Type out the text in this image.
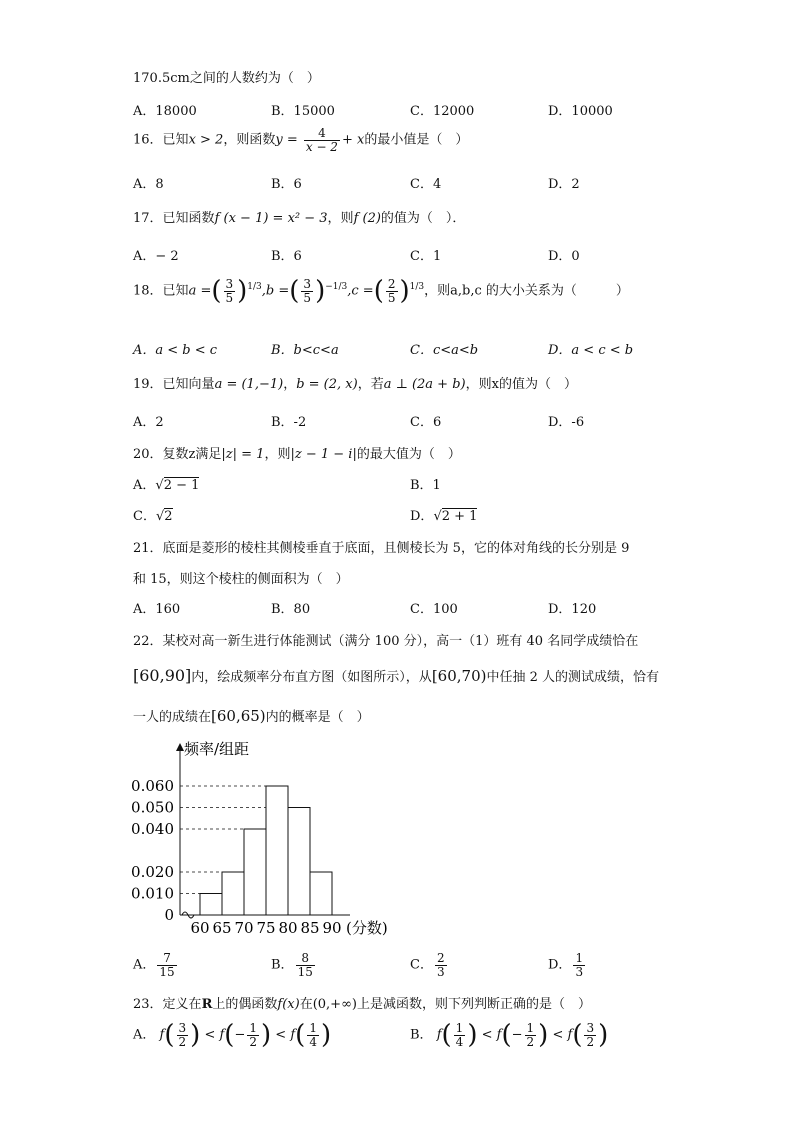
170.5cm之间的人数约为（　）
A．18000	B．15000	C．12000	D．10000
16．已知x > 2，则函数$y = \frac{4}{x - 2} + x$的最小值是（　）
A．8	B．6	C．4	D．2
17．已知函数f (x − 1) = x² − 3，则f (2)的值为（　）．
A．− 2	B．6	C．1	D．0
18．已知a =( $\frac{3}{5} )^{1/3},b$ =( $\frac{3}{5} )^{-1/3},c$ =( $\frac{2}{5} )^{1/3}$，则a,b,c 的大小关系为（　　　）
A．a < b < c	B．b<c<a	C．c<a<b	D．a < c < b
19．已知向量a = (1,−1)，b = (2, x)，若a ⊥ (2a + b)，则x的值为（　）
A．2	B．-2	C．6	D．-6
20．复数z满足|z| = 1，则|z − 1 − i|的最大值为（　）
A．√2 − 1	B．1
C．√2	D．√2 + 1
21．底面是菱形的棱柱其侧棱垂直于底面，且侧棱长为 5，它的体对角线的长分别是 9
和 15，则这个棱柱的侧面积为（　）
A．160	B．80	C．100	D．120
22．某校对高一新生进行体能测试（满分 100 分），高一（1）班有 40 名同学成绩恰在
[60,90]内，绘成频率分布直方图（如图所示），从[60,70)中任抽 2 人的测试成绩，恰有
一人的成绩在[60,65)内的概率是（　）
0
0.010
0.020
0.040
0.050
0.060
60 65 70 75 80 85 90
频率/组距
(分数)
A． $\frac{7}{15}$	B． $\frac{8}{15}$	C． $\frac{2}{3}$	D． $\frac{1}{3}$
23．定义在R上的偶函数f(x)在(0,+∞)上是减函数，则下列判断正确的是（　）
A． $f( \frac{3}{2}$ ) < $f(- \frac{1}{2}$ ) < $f( \frac{1}{4}$ )	B． $f( \frac{1}{4}$ ) < $f(- \frac{1}{2}$ ) < $f( \frac{3}{2}$ )
